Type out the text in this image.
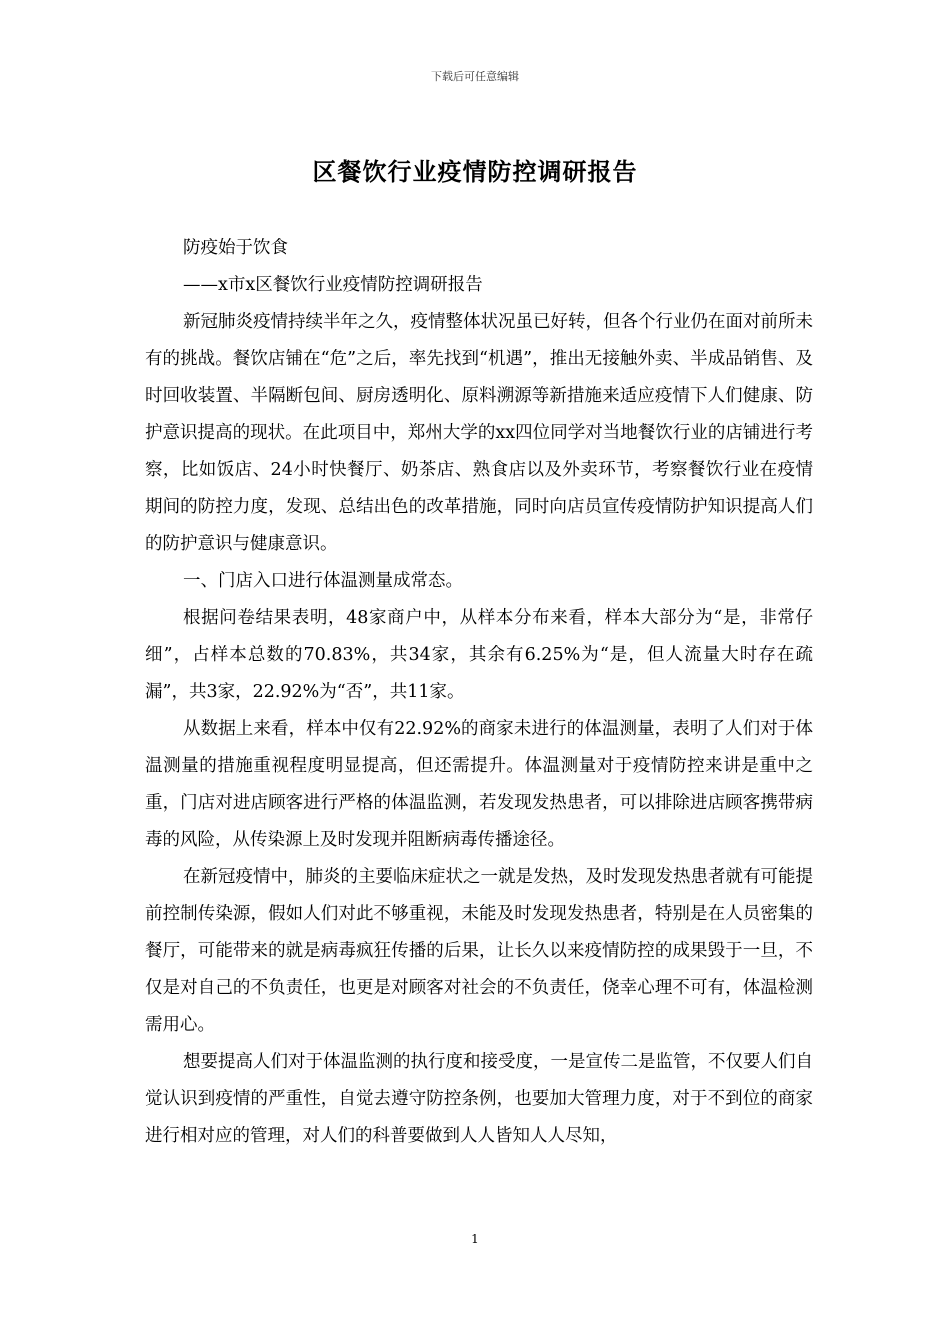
下载后可任意编辑
区餐饮行业疫情防控调研报告

防疫始于饮食

——x市x区餐饮行业疫情防控调研报告

新冠肺炎疫情持续半年之久，疫情整体状况虽已好转，但各个行业仍在面对前所未有的挑战。餐饮店铺在“危”之后，率先找到“机遇”，推出无接触外卖、半成品销售、及时回收装置、半隔断包间、厨房透明化、原料溯源等新措施来适应疫情下人们健康、防护意识提高的现状。在此项目中，郑州大学的xx四位同学对当地餐饮行业的店铺进行考察，比如饭店、24小时快餐厅、奶茶店、熟食店以及外卖环节，考察餐饮行业在疫情期间的防控力度，发现、总结出色的改革措施，同时向店员宣传疫情防护知识提高人们的防护意识与健康意识。

一、门店入口进行体温测量成常态。

根据问卷结果表明，48家商户中，从样本分布来看，样本大部分为“是，非常仔细”，占样本总数的70.83%，共34家，其余有6.25%为“是，但人流量大时存在疏漏”，共3家，22.92%为“否”，共11家。

从数据上来看，样本中仅有22.92%的商家未进行的体温测量，表明了人们对于体温测量的措施重视程度明显提高，但还需提升。体温测量对于疫情防控来讲是重中之重，门店对进店顾客进行严格的体温监测，若发现发热患者，可以排除进店顾客携带病毒的风险，从传染源上及时发现并阻断病毒传播途径。

在新冠疫情中，肺炎的主要临床症状之一就是发热，及时发现发热患者就有可能提前控制传染源，假如人们对此不够重视，未能及时发现发热患者，特别是在人员密集的餐厅，可能带来的就是病毒疯狂传播的后果，让长久以来疫情防控的成果毁于一旦，不仅是对自己的不负责任，也更是对顾客对社会的不负责任，侥幸心理不可有，体温检测需用心。

想要提高人们对于体温监测的执行度和接受度，一是宣传二是监管，不仅要人们自觉认识到疫情的严重性，自觉去遵守防控条例，也要加大管理力度，对于不到位的商家进行相对应的管理，对人们的科普要做到人人皆知人人尽知，

1
